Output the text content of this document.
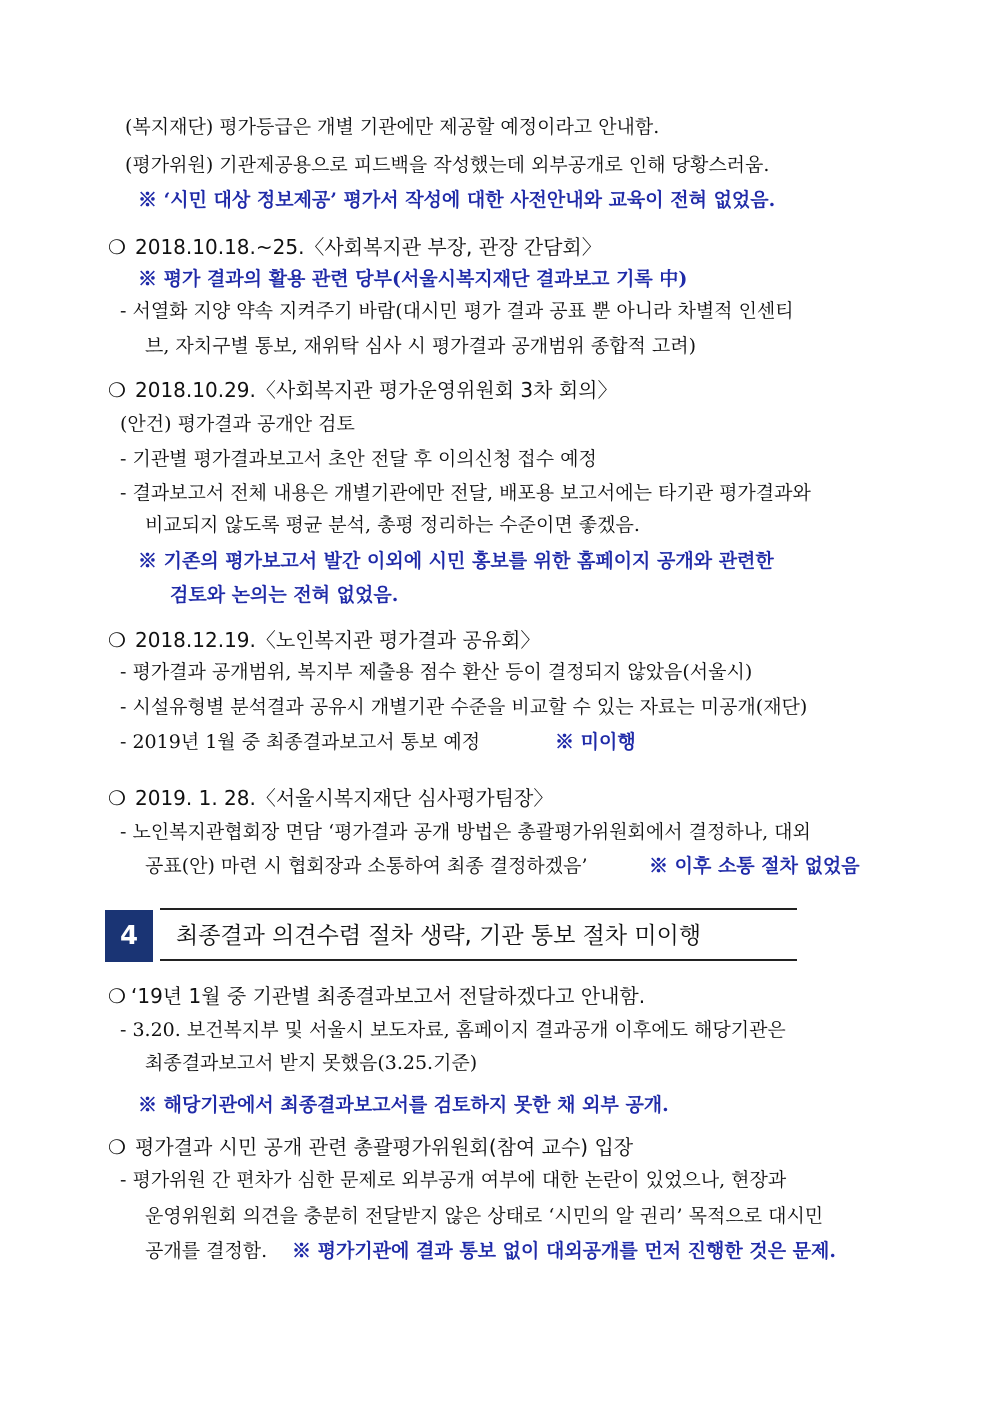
(복지재단) 평가등급은 개별 기관에만 제공할 예정이라고 안내함.
(평가위원) 기관제공용으로 피드백을 작성했는데 외부공개로 인해 당황스러움.
※ ‘시민 대상 정보제공’ 평가서 작성에 대한 사전안내와 교육이 전혀 없었음.
❍ 2018.10.18.~25.〈사회복지관 부장, 관장 간담회〉
※ 평가 결과의 활용 관련 당부(서울시복지재단 결과보고 기록 中)
- 서열화 지양 약속 지켜주기 바람(대시민 평가 결과 공표 뿐 아니라 차별적 인센티
브, 자치구별 통보, 재위탁 심사 시 평가결과 공개범위 종합적 고려)
❍ 2018.10.29.〈사회복지관 평가운영위원회 3차 회의〉
(안건) 평가결과 공개안 검토
- 기관별 평가결과보고서 초안 전달 후 이의신청 접수 예정
- 결과보고서 전체 내용은 개별기관에만 전달, 배포용 보고서에는 타기관 평가결과와
비교되지 않도록 평균 분석, 총평 정리하는 수준이면 좋겠음.
※ 기존의 평가보고서 발간 이외에 시민 홍보를 위한 홈페이지 공개와 관련한
검토와 논의는 전혀 없었음.
❍ 2018.12.19.〈노인복지관 평가결과 공유회〉
- 평가결과 공개범위, 복지부 제출용 점수 환산 등이 결정되지 않았음(서울시)
- 시설유형별 분석결과 공유시 개별기관 수준을 비교할 수 있는 자료는 미공개(재단)
- 2019년 1월 중 최종결과보고서 통보 예정	※ 미이행
❍ 2019. 1. 28.〈서울시복지재단 심사평가팀장〉
- 노인복지관협회장 면담 ‘평가결과 공개 방법은 총괄평가위원회에서 결정하나, 대외
공표(안) 마련 시 협회장과 소통하여 최종 결정하겠음’	※ 이후 소통 절차 없었음
4	최종결과 의견수렴 절차 생략, 기관 통보 절차 미이행
❍ ‘19년 1월 중 기관별 최종결과보고서 전달하겠다고 안내함.
- 3.20. 보건복지부 및 서울시 보도자료, 홈페이지 결과공개 이후에도 해당기관은
최종결과보고서 받지 못했음(3.25.기준)
※ 해당기관에서 최종결과보고서를 검토하지 못한 채 외부 공개.
❍ 평가결과 시민 공개 관련 총괄평가위원회(참여 교수) 입장
- 평가위원 간 편차가 심한 문제로 외부공개 여부에 대한 논란이 있었으나, 현장과
운영위원회 의견을 충분히 전달받지 않은 상태로 ‘시민의 알 권리’ 목적으로 대시민
공개를 결정함. ※ 평가기관에 결과 통보 없이 대외공개를 먼저 진행한 것은 문제.
